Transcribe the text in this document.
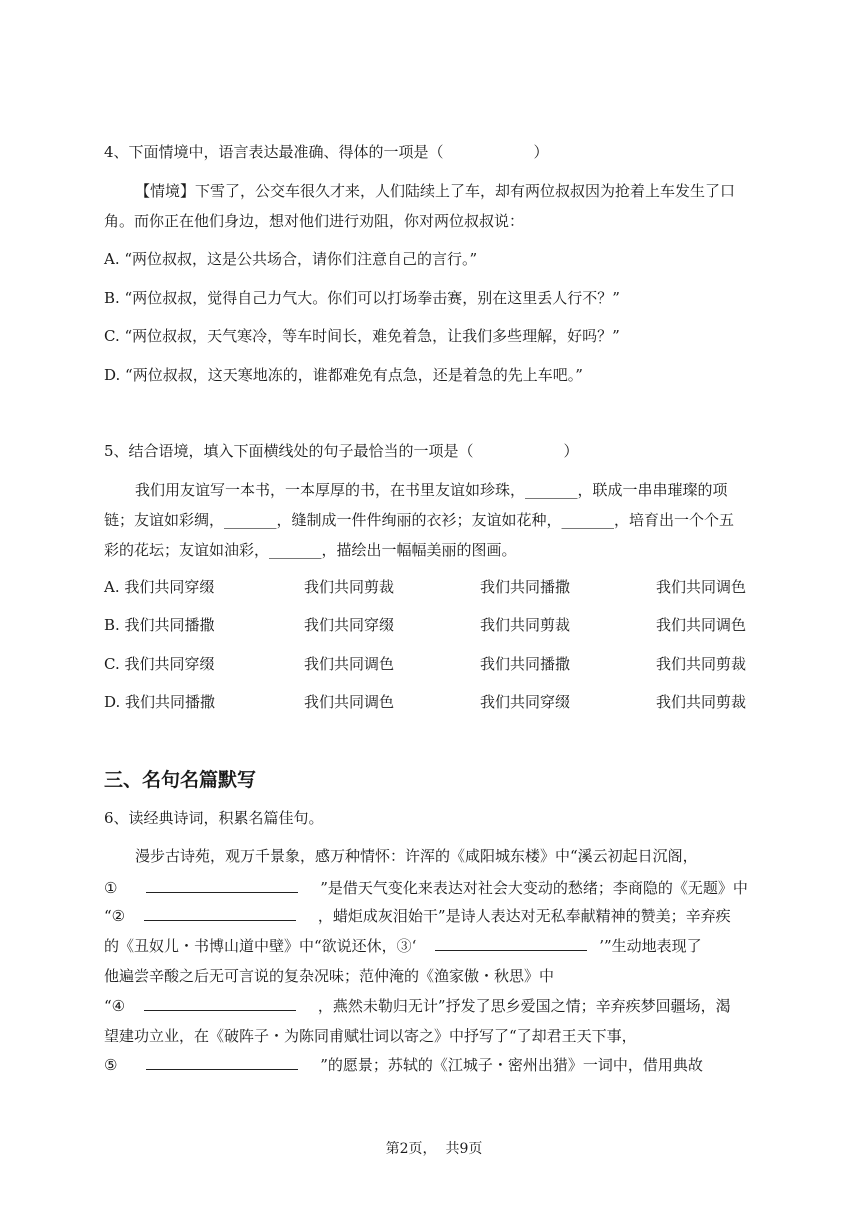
4、下面情境中，语言表达最准确、得体的一项是（　　　　　　）
【情境】下雪了，公交车很久才来，人们陆续上了车，却有两位叔叔因为抢着上车发生了口
角。而你正在他们身边，想对他们进行劝阻，你对两位叔叔说：
A. “两位叔叔，这是公共场合，请你们注意自己的言行。”
B. “两位叔叔，觉得自己力气大。你们可以打场拳击赛，别在这里丢人行不？”
C. “两位叔叔，天气寒冷，等车时间长，难免着急，让我们多些理解，好吗？”
D. “两位叔叔，这天寒地冻的，谁都难免有点急，还是着急的先上车吧。”
5、结合语境，填入下面横线处的句子最恰当的一项是（　　　　　　）
我们用友谊写一本书，一本厚厚的书，在书里友谊如珍珠，_______，联成一串串璀璨的项
链；友谊如彩绸，_______，缝制成一件件绚丽的衣衫；友谊如花种，_______，培育出一个个五
彩的花坛；友谊如油彩，_______，描绘出一幅幅美丽的图画。
A. 我们共同穿缀	我们共同剪裁	我们共同播撒	我们共同调色
B. 我们共同播撒	我们共同穿缀	我们共同剪裁	我们共同调色
C. 我们共同穿缀	我们共同调色	我们共同播撒	我们共同剪裁
D. 我们共同播撒	我们共同调色	我们共同穿缀	我们共同剪裁
三、名句名篇默写
6、读经典诗词，积累名篇佳句。
漫步古诗苑，观万千景象，感万种情怀：许浑的《咸阳城东楼》中“溪云初起日沉阁，
①	”是借天气变化来表达对社会大变动的愁绪；李商隐的《无题》中
“②	，蜡炬成灰泪始干”是诗人表达对无私奉献精神的赞美；辛弃疾
的《丑奴儿・书博山道中壁》中“欲说还休，③‘	’”生动地表现了
他遍尝辛酸之后无可言说的复杂况味；范仲淹的《渔家傲・秋思》中
“④	，燕然未勒归无计”抒发了思乡爱国之情；辛弃疾梦回疆场，渴
望建功立业，在《破阵子・为陈同甫赋壮词以寄之》中抒写了“了却君王天下事，
⑤	”的愿景；苏轼的《江城子・密州出猎》一词中，借用典故
第2页，  共9页
